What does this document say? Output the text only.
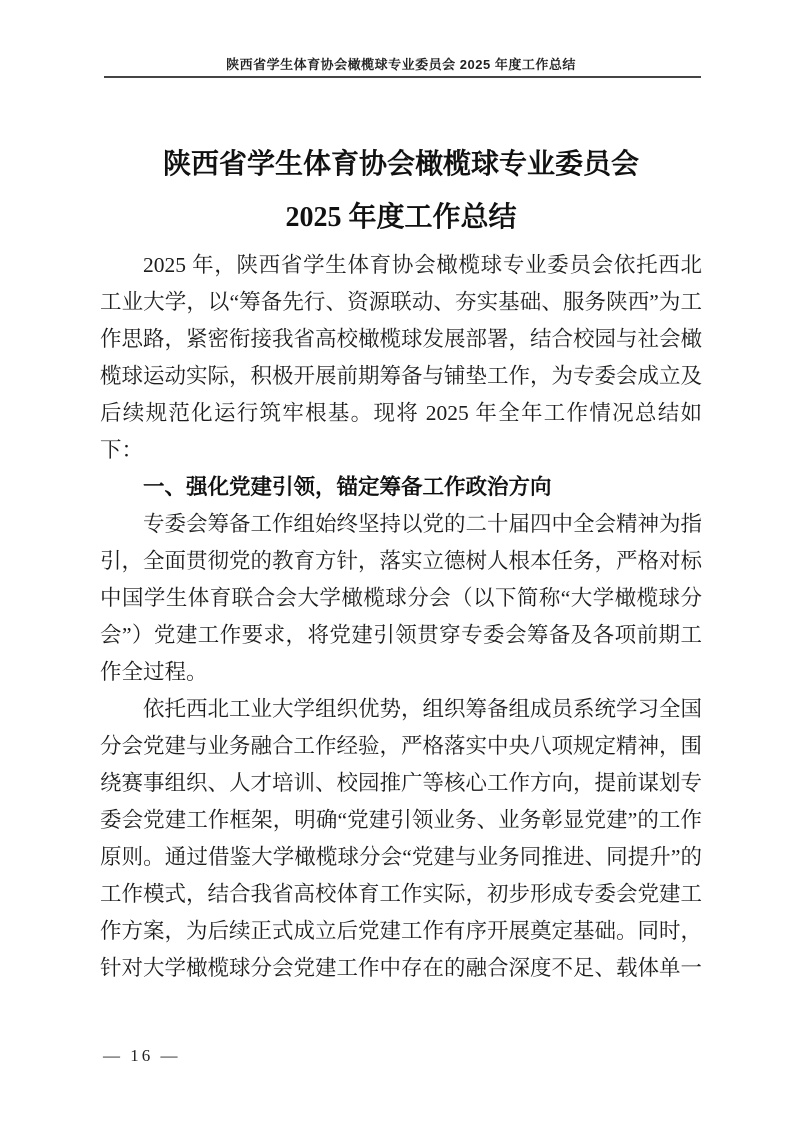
陕西省学生体育协会橄榄球专业委员会 2025 年度工作总结
陕西省学生体育协会橄榄球专业委员会
2025 年度工作总结

2025 年，陕西省学生体育协会橄榄球专业委员会依托西北工业大学，以“筹备先行、资源联动、夯实基础、服务陕西”为工作思路，紧密衔接我省高校橄榄球发展部署，结合校园与社会橄榄球运动实际，积极开展前期筹备与铺垫工作，为专委会成立及后续规范化运行筑牢根基。现将 2025 年全年工作情况总结如下：

一、强化党建引领，锚定筹备工作政治方向

专委会筹备工作组始终坚持以党的二十届四中全会精神为指引，全面贯彻党的教育方针，落实立德树人根本任务，严格对标中国学生体育联合会大学橄榄球分会（以下简称“大学橄榄球分会”）党建工作要求，将党建引领贯穿专委会筹备及各项前期工作全过程。

依托西北工业大学组织优势，组织筹备组成员系统学习全国分会党建与业务融合工作经验，严格落实中央八项规定精神，围绕赛事组织、人才培训、校园推广等核心工作方向，提前谋划专委会党建工作框架，明确“党建引领业务、业务彰显党建”的工作原则。通过借鉴大学橄榄球分会“党建与业务同推进、同提升”的工作模式，结合我省高校体育工作实际，初步形成专委会党建工作方案，为后续正式成立后党建工作有序开展奠定基础。同时，针对大学橄榄球分会党建工作中存在的融合深度不足、载体单一

— 16 —
